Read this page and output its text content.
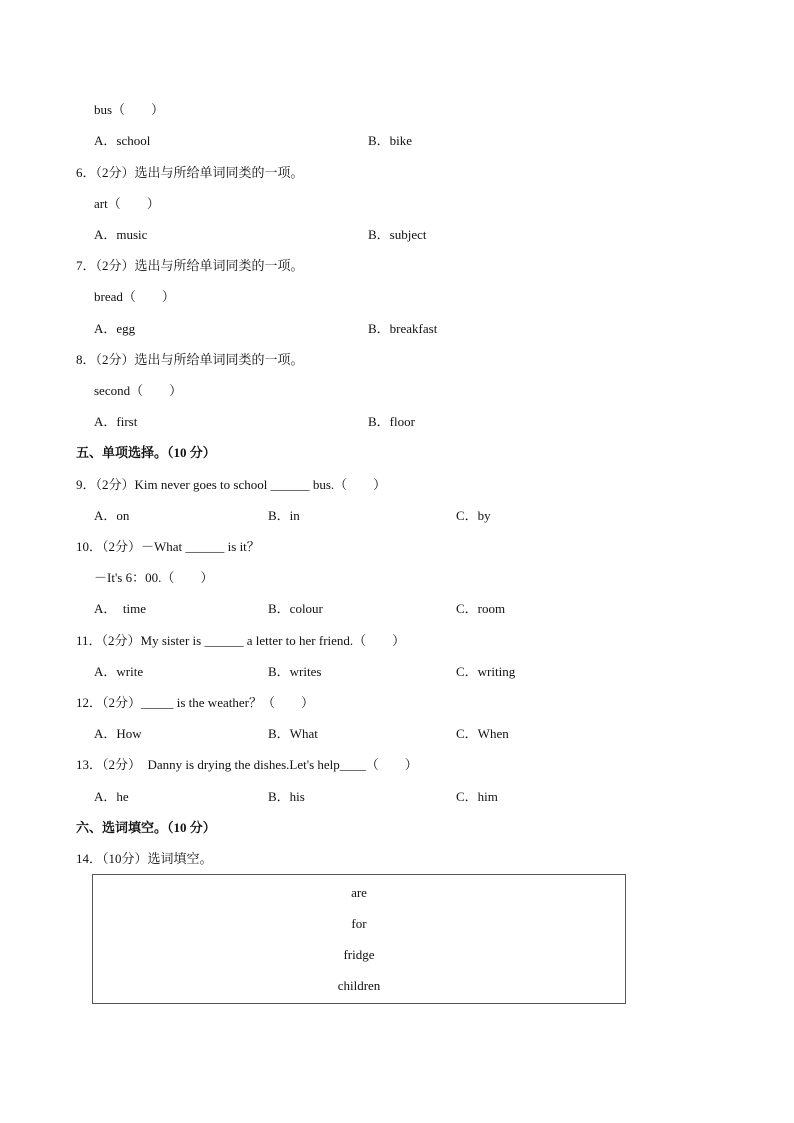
bus（　　）
A．school	B．bike
6．（2分）选出与所给单词同类的一项。
art（　　）
A．music	B．subject
7．（2分）选出与所给单词同类的一项。
bread（　　）
A．egg	B．breakfast
8．（2分）选出与所给单词同类的一项。
second（　　）
A．first	B．floor
五、单项选择。（10 分）
9．（2分）Kim never goes to school ______ bus.（　　）
A．on	B．in	C．by
10．（2分）－What ______ is it？
－It's 6：00.（　　）
A．  time	B．colour	C．room
11．（2分）My sister is ______ a letter to her friend.（　　）
A．write	B．writes	C．writing
12．（2分）_____ is the weather？（　　）
A．How	B．What	C．When
13．（2分）  Danny is drying the dishes.Let's help____（　　）
A．he	B．his	C．him
六、选词填空。（10 分）
14．（10分）选词填空。
are
for
fridge
children
